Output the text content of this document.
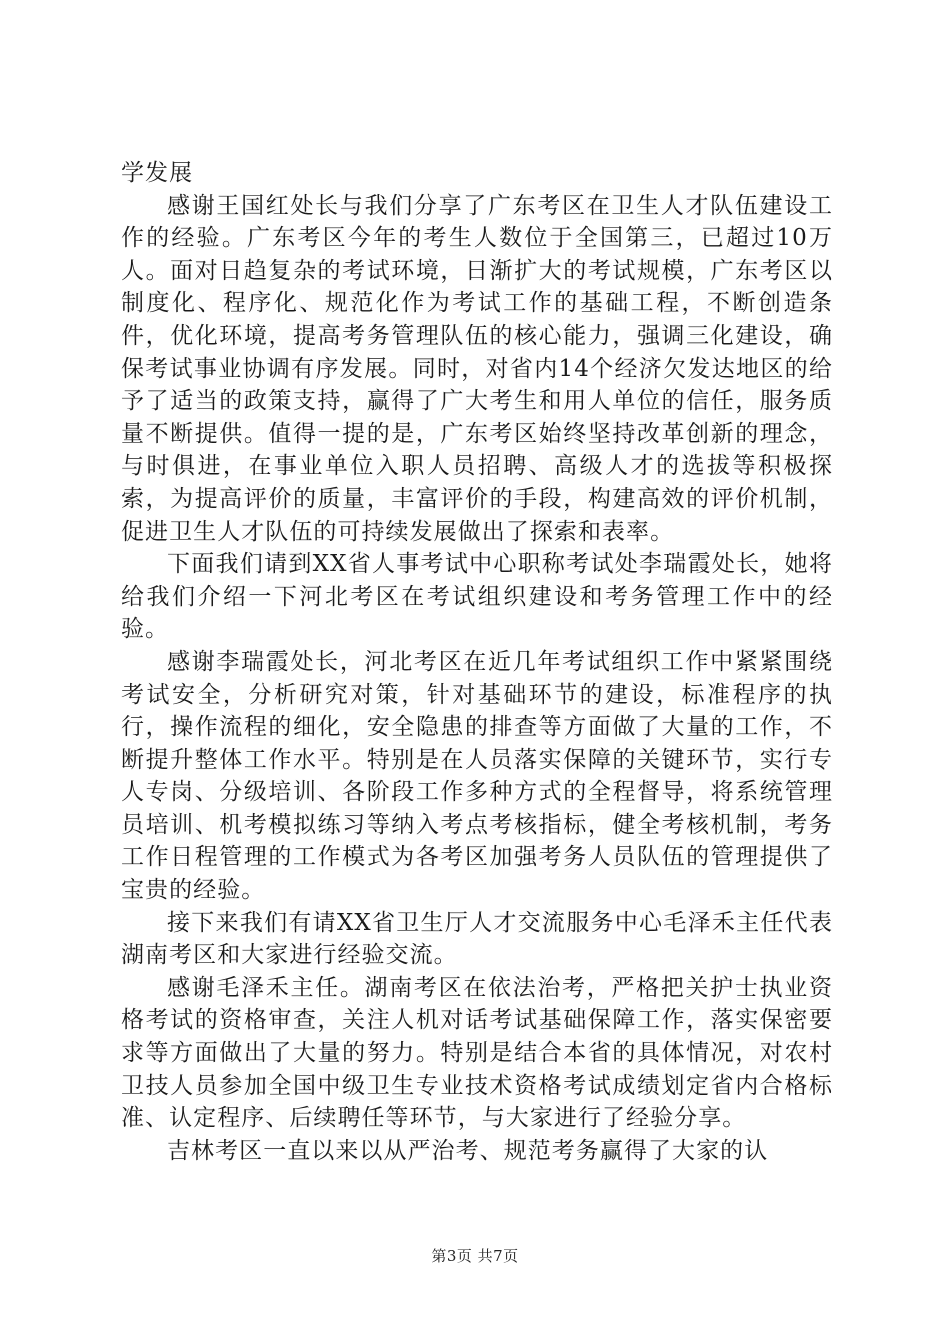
学发展

感谢王国红处长与我们分享了广东考区在卫生人才队伍建设工作的经验。广东考区今年的考生人数位于全国第三，已超过10万人。面对日趋复杂的考试环境，日渐扩大的考试规模，广东考区以制度化、程序化、规范化作为考试工作的基础工程，不断创造条件，优化环境，提高考务管理队伍的核心能力，强调三化建设，确保考试事业协调有序发展。同时，对省内14个经济欠发达地区的给予了适当的政策支持，赢得了广大考生和用人单位的信任，服务质量不断提供。值得一提的是，广东考区始终坚持改革创新的理念，与时俱进，在事业单位入职人员招聘、高级人才的选拔等积极探索，为提高评价的质量，丰富评价的手段，构建高效的评价机制，促进卫生人才队伍的可持续发展做出了探索和表率。

下面我们请到XX省人事考试中心职称考试处李瑞霞处长，她将给我们介绍一下河北考区在考试组织建设和考务管理工作中的经验。

感谢李瑞霞处长，河北考区在近几年考试组织工作中紧紧围绕考试安全，分析研究对策，针对基础环节的建设，标准程序的执行，操作流程的细化，安全隐患的排查等方面做了大量的工作，不断提升整体工作水平。特别是在人员落实保障的关键环节，实行专人专岗、分级培训、各阶段工作多种方式的全程督导，将系统管理员培训、机考模拟练习等纳入考点考核指标，健全考核机制，考务工作日程管理的工作模式为各考区加强考务人员队伍的管理提供了宝贵的经验。

接下来我们有请XX省卫生厅人才交流服务中心毛泽禾主任代表湖南考区和大家进行经验交流。

感谢毛泽禾主任。湖南考区在依法治考，严格把关护士执业资格考试的资格审查，关注人机对话考试基础保障工作，落实保密要求等方面做出了大量的努力。特别是结合本省的具体情况，对农村卫技人员参加全国中级卫生专业技术资格考试成绩划定省内合格标准、认定程序、后续聘任等环节，与大家进行了经验分享。

吉林考区一直以来以从严治考、规范考务赢得了大家的认

第3页 共7页
